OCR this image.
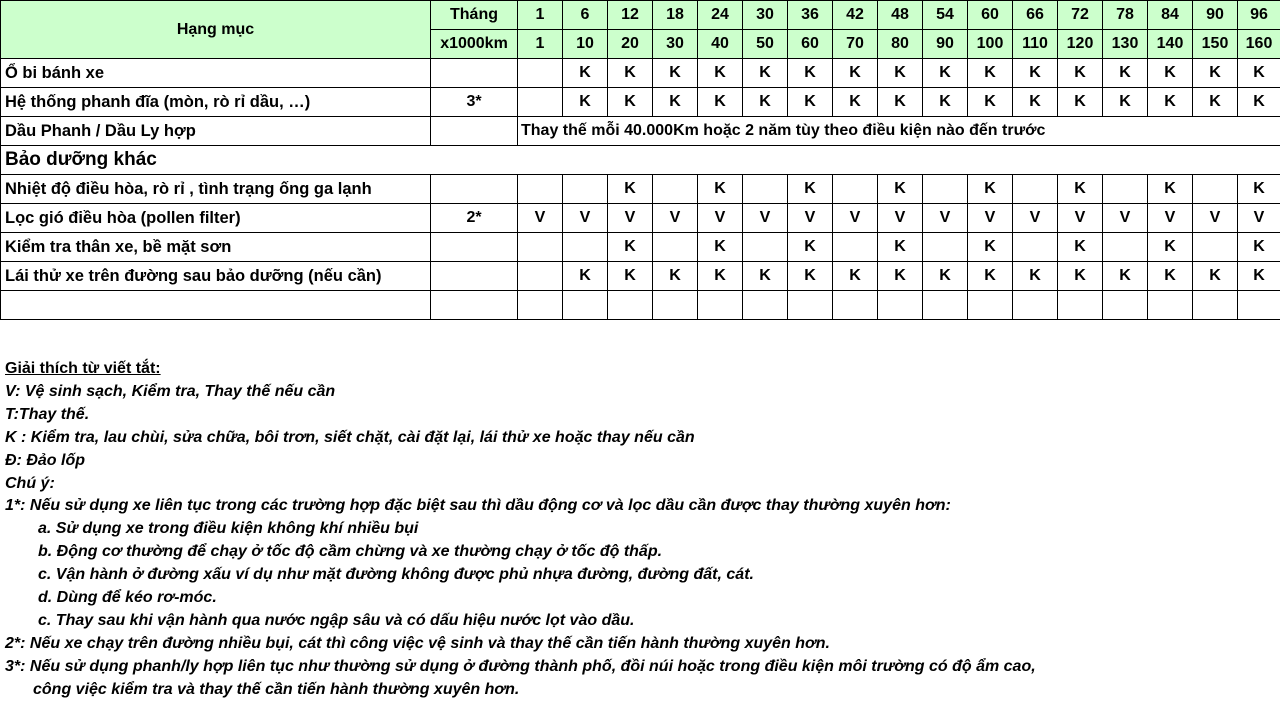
Hạng mục	Tháng	1	6	12	18	24	30	36	42	48	54	60	66	72	78	84	90	96
	x1000km	1	10	20	30	40	50	60	70	80	90	100	110	120	130	140	150	160
Ổ bi bánh xe			K	K	K	K	K	K	K	K	K	K	K	K	K	K	K	K
Hệ thống phanh đĩa (mòn, rò rỉ dầu, …)	3*		K	K	K	K	K	K	K	K	K	K	K	K	K	K	K	K
Dầu Phanh / Dầu Ly hợp		Thay thế mỗi 40.000Km hoặc 2 năm tùy theo điều kiện nào đến trước																
Bảo dưỡng khác																		
Nhiệt độ điều hòa, rò rỉ , tình trạng ống ga lạnh				K		K		K		K		K		K		K		K
Lọc gió điều hòa (pollen filter)	2*	V	V	V	V	V	V	V	V	V	V	V	V	V	V	V	V	V
Kiểm tra thân xe, bề mặt sơn				K		K		K		K		K		K		K		K
Lái thử xe trên đường sau bảo dưỡng (nếu cần)			K	K	K	K	K	K	K	K	K	K	K	K	K	K	K	K

Giải thích từ viết tắt:
V: Vệ sinh sạch, Kiểm tra, Thay thế nếu cần
T:Thay thế.
K : Kiểm tra, lau chùi, sửa chữa, bôi trơn, siết chặt, cài đặt lại, lái thử xe hoặc thay nếu cần
Đ: Đảo lốp
Chú ý:
1*: Nếu sử dụng xe liên tục trong các trường hợp đặc biệt sau thì dầu động cơ và lọc dầu cần được thay thường xuyên hơn:
a. Sử dụng xe trong điều kiện không khí nhiều bụi
b. Động cơ thường để chạy ở tốc độ cầm chừng và xe thường chạy ở tốc độ thấp.
c. Vận hành ở đường xấu ví dụ như mặt đường không được phủ nhựa đường, đường đất, cát.
d. Dùng để kéo rơ-móc.
c. Thay sau khi vận hành qua nước ngập sâu và có dấu hiệu nước lọt vào dầu.
2*: Nếu xe chạy trên đường nhiều bụi, cát thì công việc vệ sinh và thay thế cần tiến hành thường xuyên hơn.
3*: Nếu sử dụng phanh/ly hợp liên tục như thường sử dụng ở đường thành phố, đồi núi hoặc trong điều kiện môi trường có độ ẩm cao,
công việc kiểm tra và thay thế cần tiến hành thường xuyên hơn.
